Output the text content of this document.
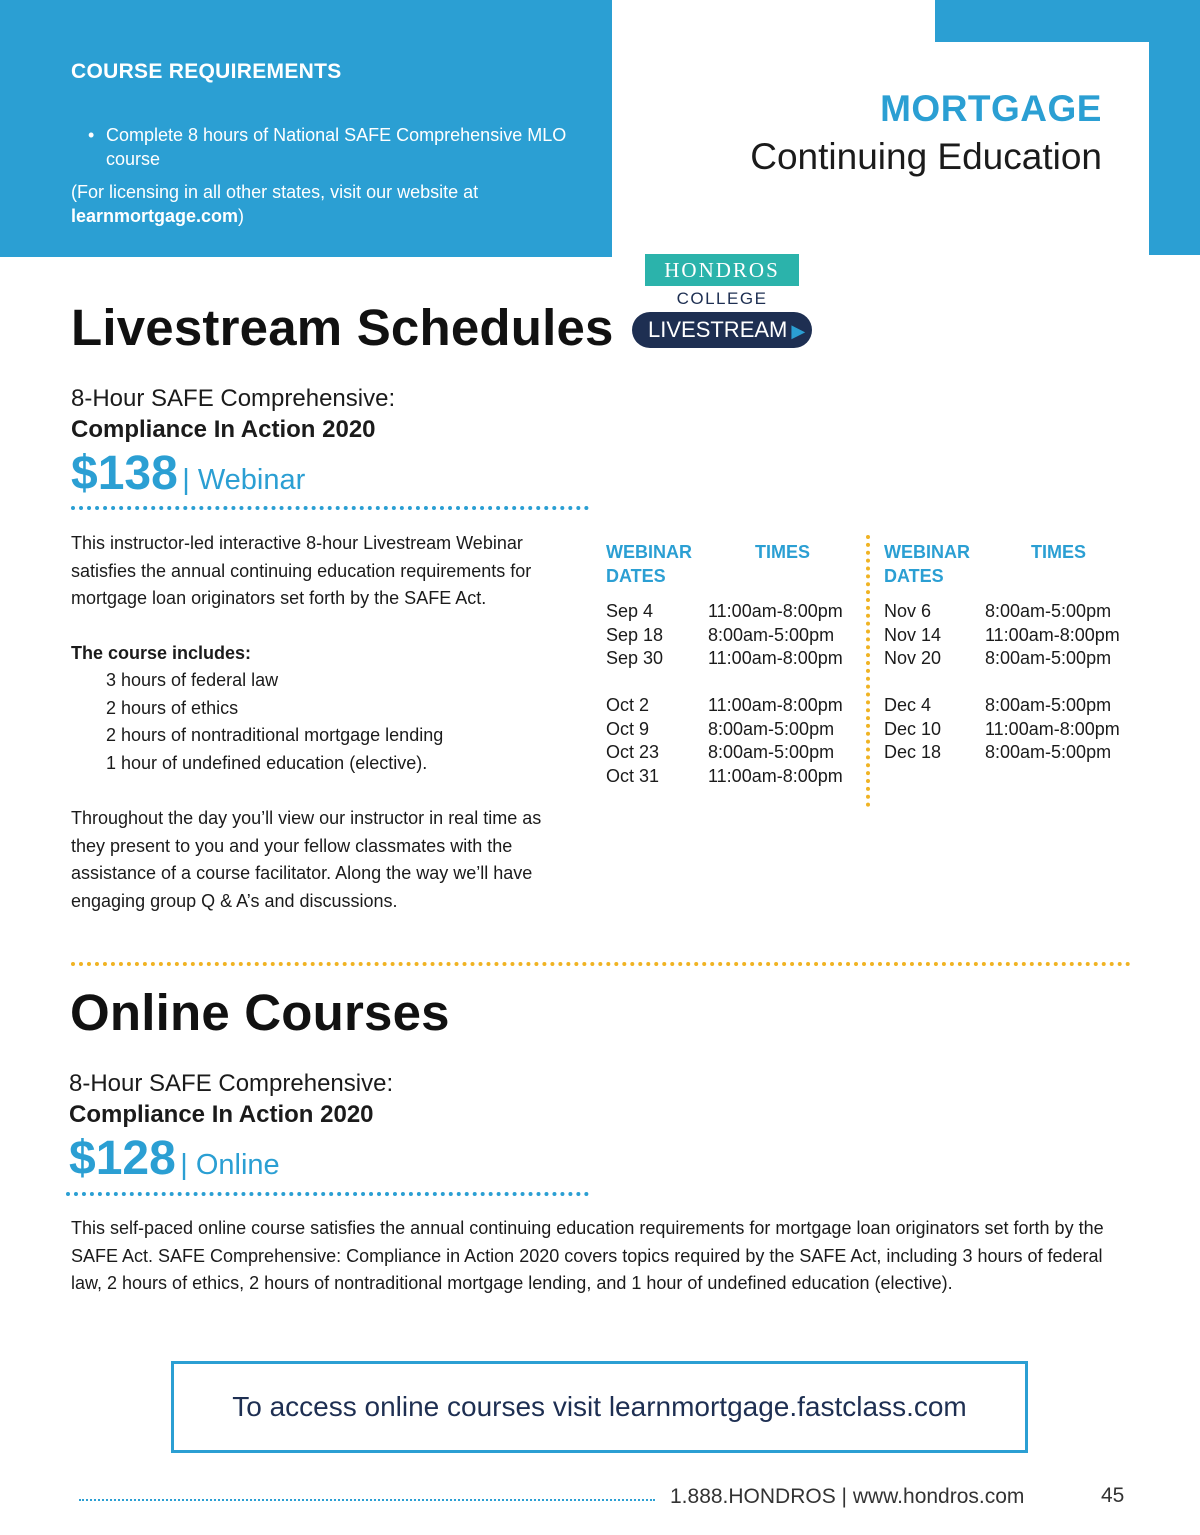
COURSE REQUIREMENTS
• Complete 8 hours of National SAFE Comprehensive MLO course
(For licensing in all other states, visit our website at learnmortgage.com)
MORTGAGE
Continuing Education
HONDROS
COLLEGE
LIVESTREAM ▶
Livestream Schedules
8-Hour SAFE Comprehensive:
Compliance In Action 2020
$138 | Webinar
This instructor-led interactive 8-hour Livestream Webinar satisfies the annual continuing education requirements for mortgage loan originators set forth by the SAFE Act.
The course includes:
3 hours of federal law
2 hours of ethics
2 hours of nontraditional mortgage lending
1 hour of undefined education (elective).
Throughout the day you’ll view our instructor in real time as they present to you and your fellow classmates with the assistance of a course facilitator. Along the way we’ll have engaging group Q & A’s and discussions.
WEBINAR DATES
TIMES
Sep 4
Sep 18
Sep 30
Oct 2
Oct 9
Oct 23
Oct 31
11:00am-8:00pm
8:00am-5:00pm
11:00am-8:00pm
11:00am-8:00pm
8:00am-5:00pm
8:00am-5:00pm
11:00am-8:00pm
WEBINAR DATES
TIMES
Nov 6
Nov 14
Nov 20
Dec 4
Dec 10
Dec 18
8:00am-5:00pm
11:00am-8:00pm
8:00am-5:00pm
8:00am-5:00pm
11:00am-8:00pm
8:00am-5:00pm
Online Courses
8-Hour SAFE Comprehensive:
Compliance In Action 2020
$128 | Online
This self-paced online course satisfies the annual continuing education requirements for mortgage loan originators set forth by the SAFE Act. SAFE Comprehensive: Compliance in Action 2020 covers topics required by the SAFE Act, including 3 hours of federal law, 2 hours of ethics, 2 hours of nontraditional mortgage lending, and 1 hour of undefined education (elective).
To access online courses visit learnmortgage.fastclass.com
1.888.HONDROS | www.hondros.com	45
